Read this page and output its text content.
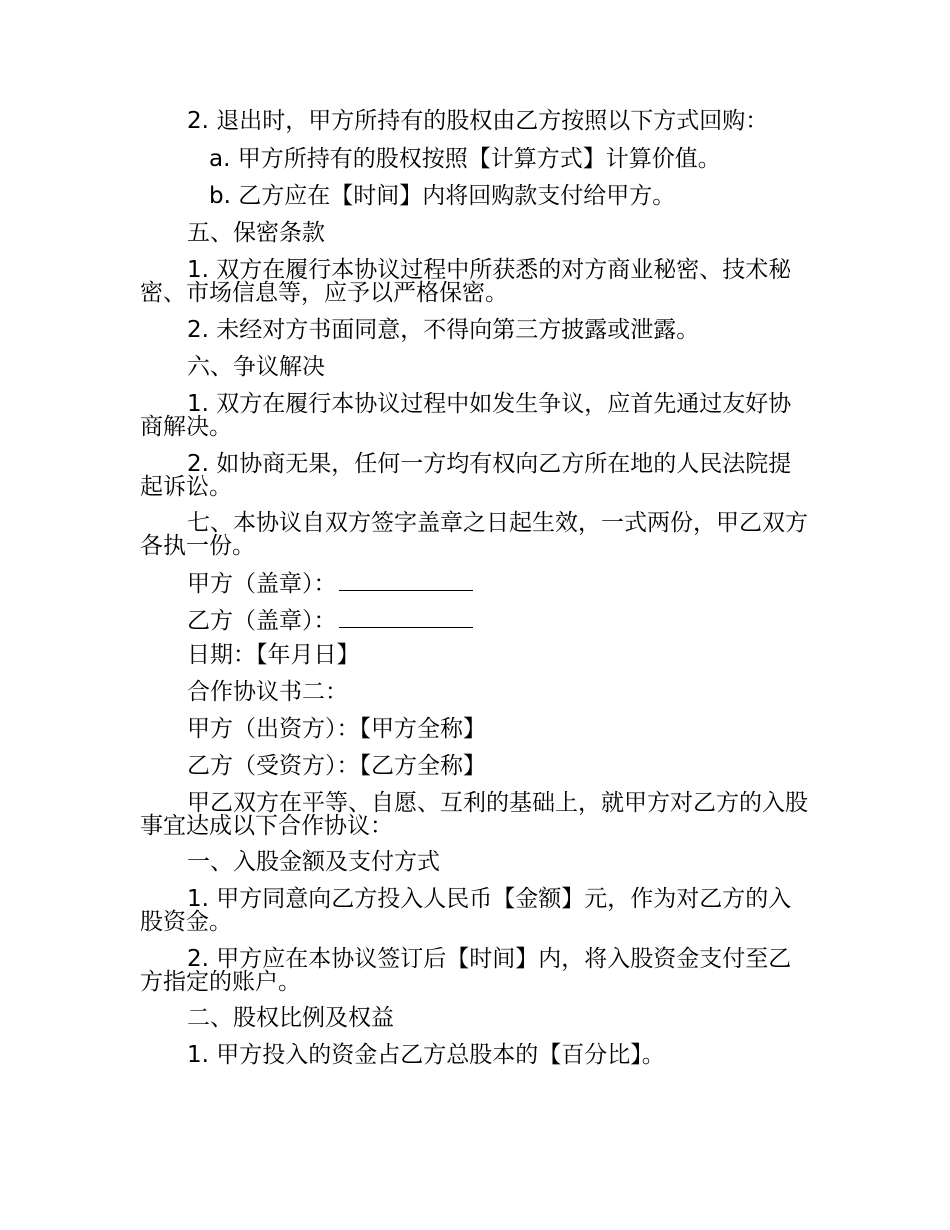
2. 退出时，甲方所持有的股权由乙方按照以下方式回购：

a. 甲方所持有的股权按照【计算方式】计算价值。

b. 乙方应在【时间】内将回购款支付给甲方。

五、保密条款

1. 双方在履行本协议过程中所获悉的对方商业秘密、技术秘密、市场信息等，应予以严格保密。

2. 未经对方书面同意，不得向第三方披露或泄露。

六、争议解决

1. 双方在履行本协议过程中如发生争议，应首先通过友好协商解决。

2. 如协商无果，任何一方均有权向乙方所在地的人民法院提起诉讼。

七、本协议自双方签字盖章之日起生效，一式两份，甲乙双方各执一份。

甲方（盖章）：

乙方（盖章）：

日期：【年月日】

合作协议书二：

甲方（出资方）：【甲方全称】

乙方（受资方）：【乙方全称】

甲乙双方在平等、自愿、互利的基础上，就甲方对乙方的入股事宜达成以下合作协议：

一、入股金额及支付方式

1. 甲方同意向乙方投入人民币【金额】元，作为对乙方的入股资金。

2. 甲方应在本协议签订后【时间】内，将入股资金支付至乙方指定的账户。

二、股权比例及权益

1. 甲方投入的资金占乙方总股本的【百分比】。
